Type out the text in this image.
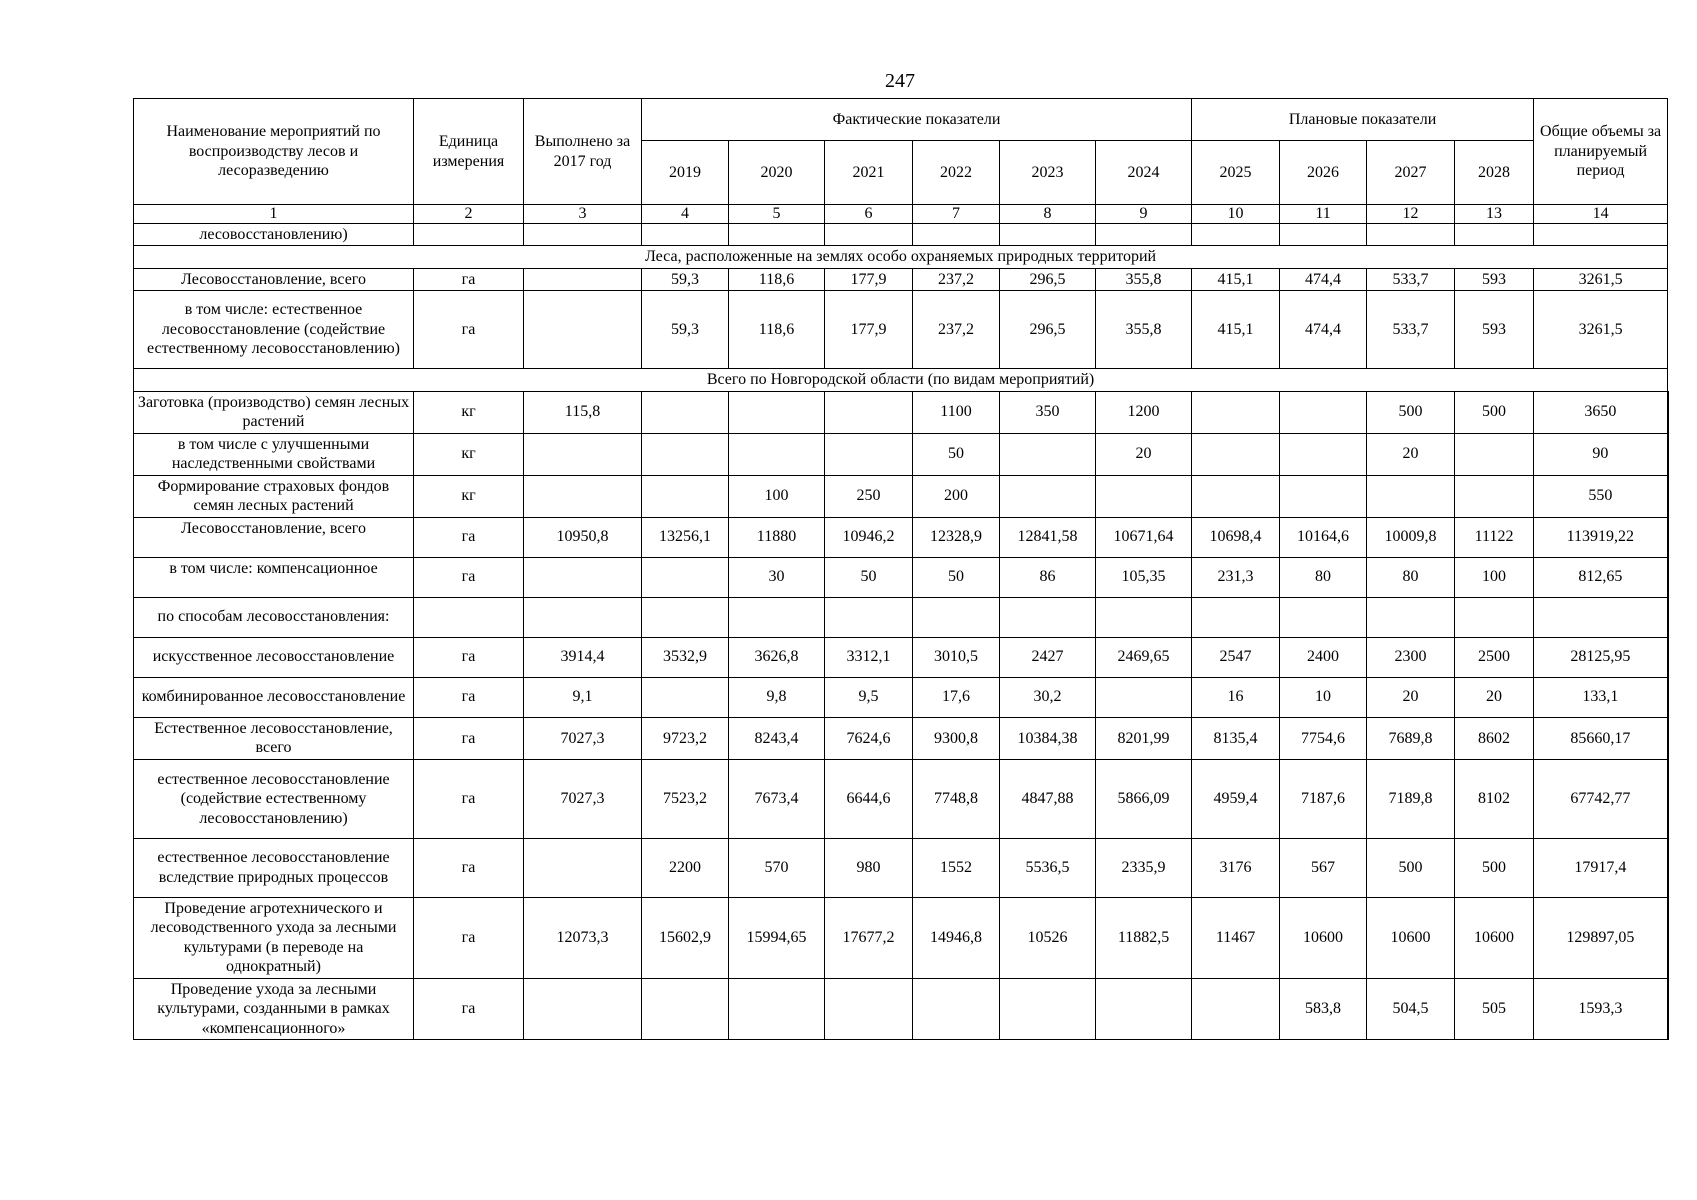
247
Наименование мероприятий по воспроизводству лесов и лесоразведению	Единица измерения	Выполнено за 2017 год	Фактические показатели						Плановые показатели				Общие объемы за планируемый период
			2019	2020	2021	2022	2023	2024	2025	2026	2027	2028	
1	2	3	4	5	6	7	8	9	10	11	12	13	14
лесовосстановлению)													
Леса, расположенные на землях особо охраняемых природных территорий													
Лесовосстановление, всего	га		59,3	118,6	177,9	237,2	296,5	355,8	415,1	474,4	533,7	593	3261,5
в том числе: естественное лесовосстановление (содействие естественному лесовосстановлению)	га		59,3	118,6	177,9	237,2	296,5	355,8	415,1	474,4	533,7	593	3261,5
Всего по Новгородской области (по видам мероприятий)													
Заготовка (производство) семян лесных растений	кг	115,8				1100	350	1200			500	500	3650
в том числе с улучшенными наследственными свойствами	кг					50		20			20		90
Формирование страховых фондов семян лесных растений	кг			100	250	200							550
Лесовосстановление, всего	га	10950,8	13256,1	11880	10946,2	12328,9	12841,58	10671,64	10698,4	10164,6	10009,8	11122	113919,22
в том числе: компенсационное	га			30	50	50	86	105,35	231,3	80	80	100	812,65
по способам лесовосстановления:													
искусственное лесовосстановление	га	3914,4	3532,9	3626,8	3312,1	3010,5	2427	2469,65	2547	2400	2300	2500	28125,95
комбинированное лесовосстановление	га	9,1		9,8	9,5	17,6	30,2		16	10	20	20	133,1
Естественное лесовосстановление, всего	га	7027,3	9723,2	8243,4	7624,6	9300,8	10384,38	8201,99	8135,4	7754,6	7689,8	8602	85660,17
естественное лесовосстановление (содействие естественному лесовосстановлению)	га	7027,3	7523,2	7673,4	6644,6	7748,8	4847,88	5866,09	4959,4	7187,6	7189,8	8102	67742,77
естественное лесовосстановление вследствие природных процессов	га		2200	570	980	1552	5536,5	2335,9	3176	567	500	500	17917,4
Проведение агротехнического и лесоводственного ухода за лесными культурами (в переводе на однократный)	га	12073,3	15602,9	15994,65	17677,2	14946,8	10526	11882,5	11467	10600	10600	10600	129897,05
Проведение ухода за лесными культурами, созданными в рамках «компенсационного»	га									583,8	504,5	505	1593,3
